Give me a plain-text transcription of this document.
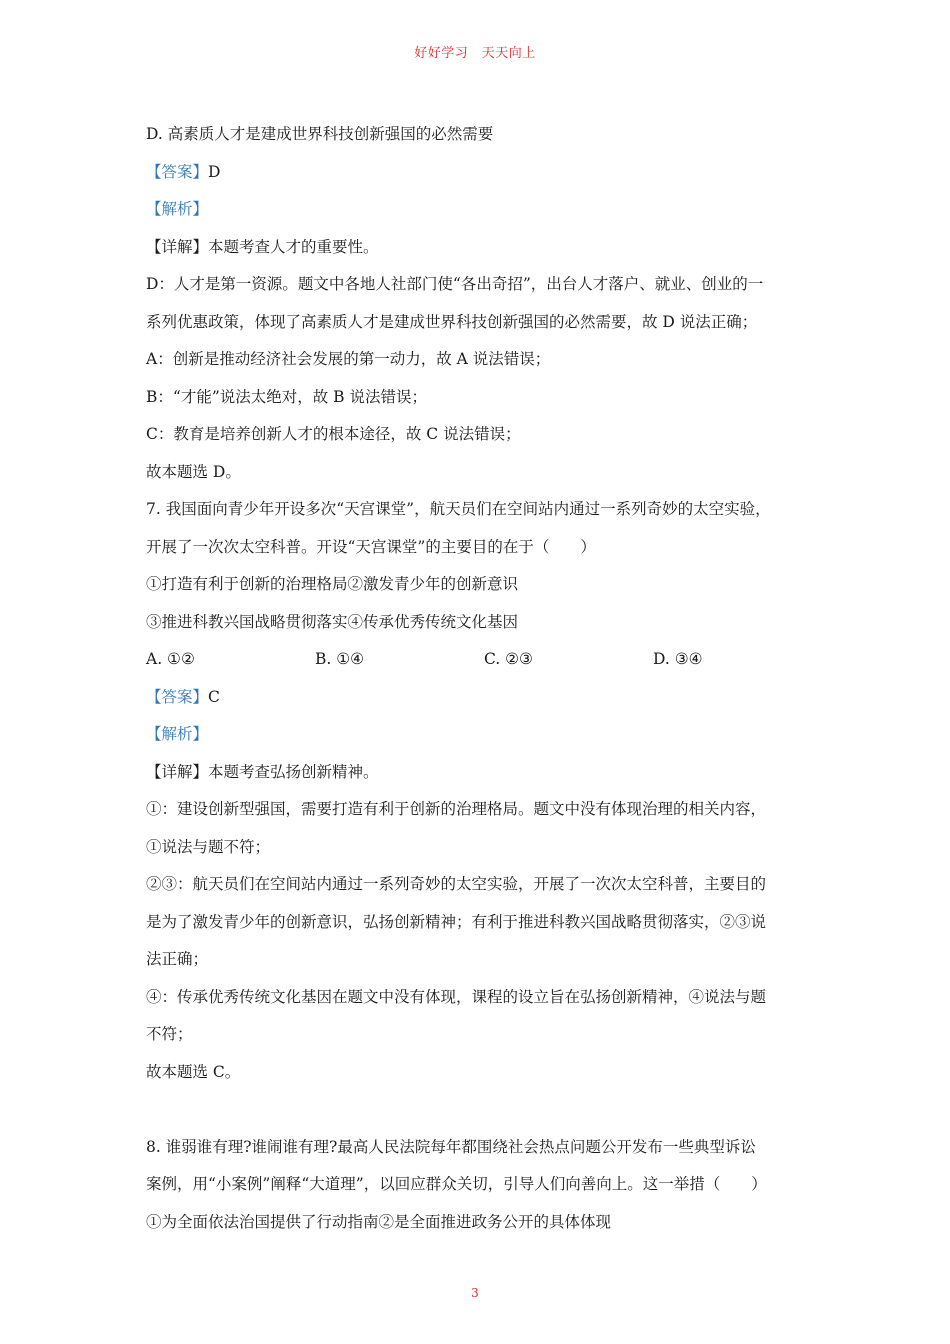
好好学习　天天向上
D. 高素质人才是建成世界科技创新强国的必然需要
【答案】D
【解析】
【详解】本题考查人才的重要性。
D：人才是第一资源。题文中各地人社部门使“各出奇招”，出台人才落户、就业、创业的一
系列优惠政策，体现了高素质人才是建成世界科技创新强国的必然需要，故 D 说法正确；
A：创新是推动经济社会发展的第一动力，故 A 说法错误；
B：“才能”说法太绝对，故 B 说法错误；
C：教育是培养创新人才的根本途径，故 C 说法错误；
故本题选 D。
7. 我国面向青少年开设多次“天宫课堂”，航天员们在空间站内通过一系列奇妙的太空实验，
开展了一次次太空科普。开设“天宫课堂”的主要目的在于（　　）
①打造有利于创新的治理格局②激发青少年的创新意识
③推进科教兴国战略贯彻落实④传承优秀传统文化基因
A. ①②	B. ①④	C. ②③	D. ③④
【答案】C
【解析】
【详解】本题考查弘扬创新精神。
①：建设创新型强国，需要打造有利于创新的治理格局。题文中没有体现治理的相关内容，
①说法与题不符；
②③：航天员们在空间站内通过一系列奇妙的太空实验，开展了一次次太空科普，主要目的
是为了激发青少年的创新意识，弘扬创新精神；有利于推进科教兴国战略贯彻落实，②③说
法正确；
④：传承优秀传统文化基因在题文中没有体现，课程的设立旨在弘扬创新精神，④说法与题
不符；
故本题选 C。
8. 谁弱谁有理?谁闹谁有理?最高人民法院每年都围绕社会热点问题公开发布一些典型诉讼
案例，用“小案例”阐释“大道理”，以回应群众关切，引导人们向善向上。这一举措（　　）
①为全面依法治国提供了行动指南②是全面推进政务公开的具体体现
3
